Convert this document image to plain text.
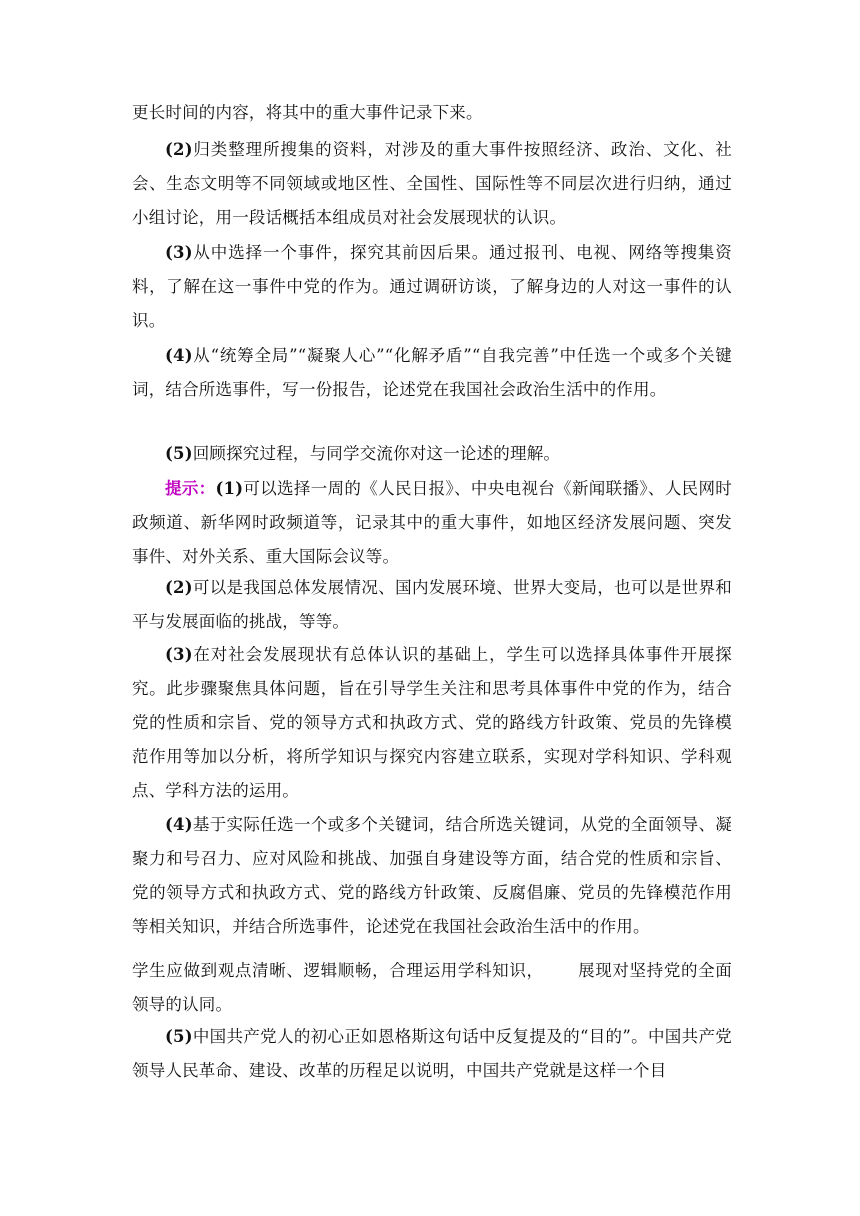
更长时间的内容，将其中的重大事件记录下来。
(2)归类整理所搜集的资料，对涉及的重大事件按照经济、政治、文化、社会、生态文明等不同领域或地区性、全国性、国际性等不同层次进行归纳，通过小组讨论，用一段话概括本组成员对社会发展现状的认识。
(3)从中选择一个事件，探究其前因后果。通过报刊、电视、网络等搜集资料，了解在这一事件中党的作为。通过调研访谈，了解身边的人对这一事件的认识。
(4)从“统筹全局”“凝聚人心”“化解矛盾”“自我完善”中任选一个或多个关键词，结合所选事件，写一份报告，论述党在我国社会政治生活中的作用。
(5)回顾探究过程，与同学交流你对这一论述的理解。
提示：(1)可以选择一周的《人民日报》、中央电视台《新闻联播》、人民网时政频道、新华网时政频道等，记录其中的重大事件，如地区经济发展问题、突发事件、对外关系、重大国际会议等。
(2)可以是我国总体发展情况、国内发展环境、世界大变局，也可以是世界和平与发展面临的挑战，等等。
(3)在对社会发展现状有总体认识的基础上，学生可以选择具体事件开展探究。此步骤聚焦具体问题，旨在引导学生关注和思考具体事件中党的作为，结合党的性质和宗旨、党的领导方式和执政方式、党的路线方针政策、党员的先锋模范作用等加以分析，将所学知识与探究内容建立联系，实现对学科知识、学科观点、学科方法的运用。
(4)基于实际任选一个或多个关键词，结合所选关键词，从党的全面领导、凝聚力和号召力、应对风险和挑战、加强自身建设等方面，结合党的性质和宗旨、党的领导方式和执政方式、党的路线方针政策、反腐倡廉、党员的先锋模范作用等相关知识，并结合所选事件，论述党在我国社会政治生活中的作用。
学生应做到观点清晰、逻辑顺畅，合理运用学科知识， 展现对坚持党的全面领导的认同。
(5)中国共产党人的初心正如恩格斯这句话中反复提及的“目的”。中国共产党领导人民革命、建设、改革的历程足以说明，中国共产党就是这样一个目
